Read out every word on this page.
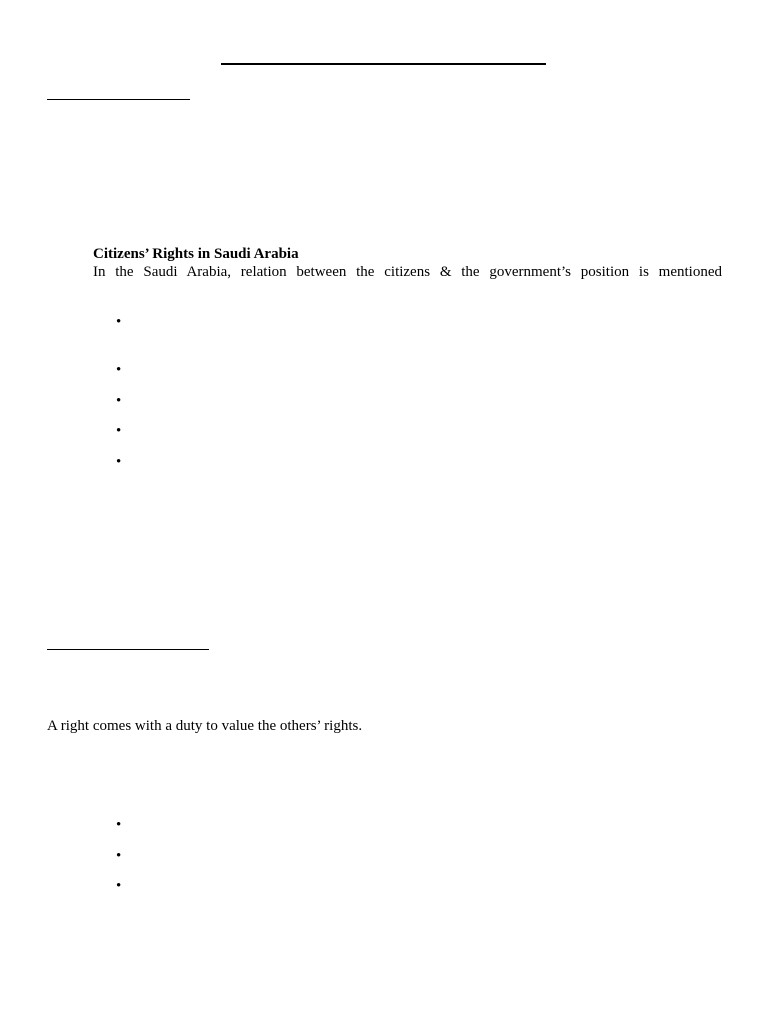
Citizens’ Rights in Saudi Arabia
In the Saudi Arabia, relation between the citizens & the government’s position is mentioned
•
•
•
•
•
A right comes with a duty to value the others’ rights.
•
•
•
